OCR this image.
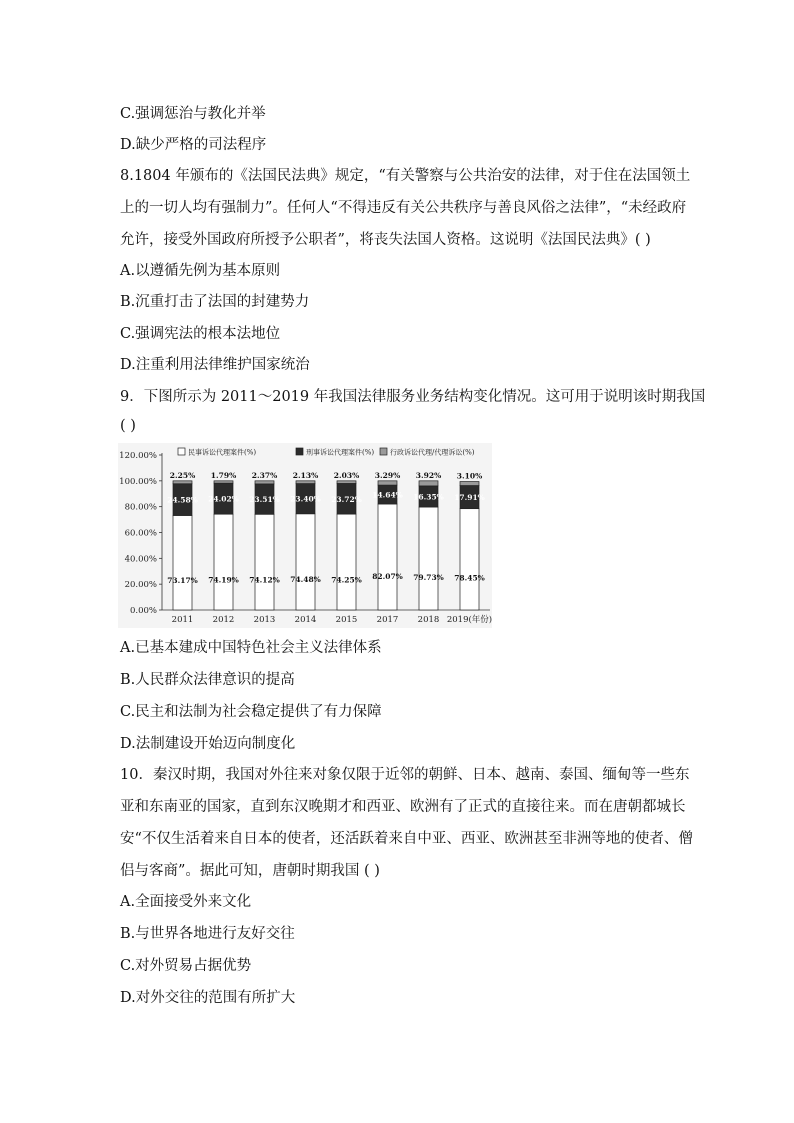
C.强调惩治与教化并举
D.缺少严格的司法程序
8.1804 年颁布的《法国民法典》规定，“有关警察与公共治安的法律，对于住在法国领土
上的一切人均有强制力”。任何人“不得违反有关公共秩序与善良风俗之法律”，“未经政府
允许，接受外国政府所授予公职者”，将丧失法国人资格。这说明《法国民法典》( )
A.以遵循先例为基本原则
B.沉重打击了法国的封建势力
C.强调宪法的根本法地位
D.注重利用法律维护国家统治
9．下图所示为 2011～2019 年我国法律服务业务结构变化情况。这可用于说明该时期我国
( )
0.00%
20.00%
40.00%
60.00%
80.00%
100.00%
120.00%
73.17%
24.58%
2.25%
2011
74.19%
24.02%
1.79%
2012
74.12%
23.51%
2.37%
2013
74.48%
23.40%
2.13%
2014
74.25%
23.72%
2.03%
2015
82.07%
14.64%
3.29%
2017
79.73%
16.35%
3.92%
2018
78.45%
17.91%
3.10%
2019(年份)
民事诉讼代理案件(%)	刑事诉讼代理案件(%) 行政诉讼代理/代理诉讼(%)
A.已基本建成中国特色社会主义法律体系
B.人民群众法律意识的提高
C.民主和法制为社会稳定提供了有力保障
D.法制建设开始迈向制度化
10．秦汉时期，我国对外往来对象仅限于近邻的朝鲜、日本、越南、泰国、缅甸等一些东
亚和东南亚的国家，直到东汉晚期才和西亚、欧洲有了正式的直接往来。而在唐朝都城长
安“不仅生活着来自日本的使者，还活跃着来自中亚、西亚、欧洲甚至非洲等地的使者、僧
侣与客商”。据此可知，唐朝时期我国 ( )
A.全面接受外来文化
B.与世界各地进行友好交往
C.对外贸易占据优势
D.对外交往的范围有所扩大
